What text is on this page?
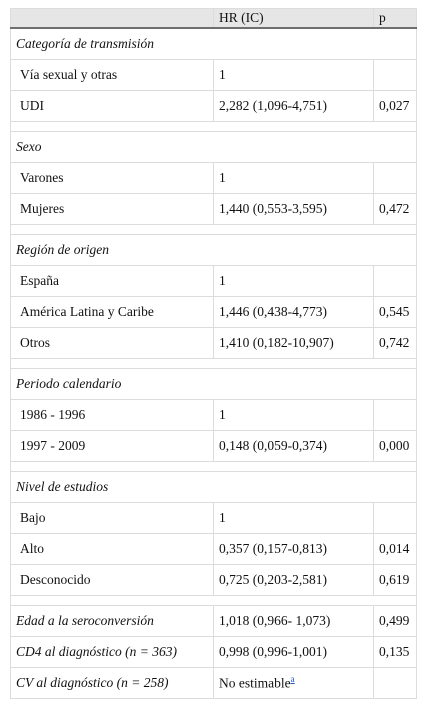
	HR (IC)	p
Categoría de transmisión		
Vía sexual y otras	1	
UDI	2,282 (1,096-4,751)	0,027

Sexo		
Varones	1	
Mujeres	1,440 (0,553-3,595)	0,472

Región de origen		
España	1	
América Latina y Caribe	1,446 (0,438-4,773)	0,545
Otros	1,410 (0,182-10,907)	0,742

Periodo calendario		
1986 - 1996	1	
1997 - 2009	0,148 (0,059-0,374)	0,000

Nivel de estudios		
Bajo	1	
Alto	0,357 (0,157-0,813)	0,014
Desconocido	0,725 (0,203-2,581)	0,619

Edad a la seroconversión	1,018 (0,966- 1,073)	0,499
CD4 al diagnóstico (n = 363)	0,998 (0,996-1,001)	0,135
CV al diagnóstico (n = 258)	No estimable$^a$	
